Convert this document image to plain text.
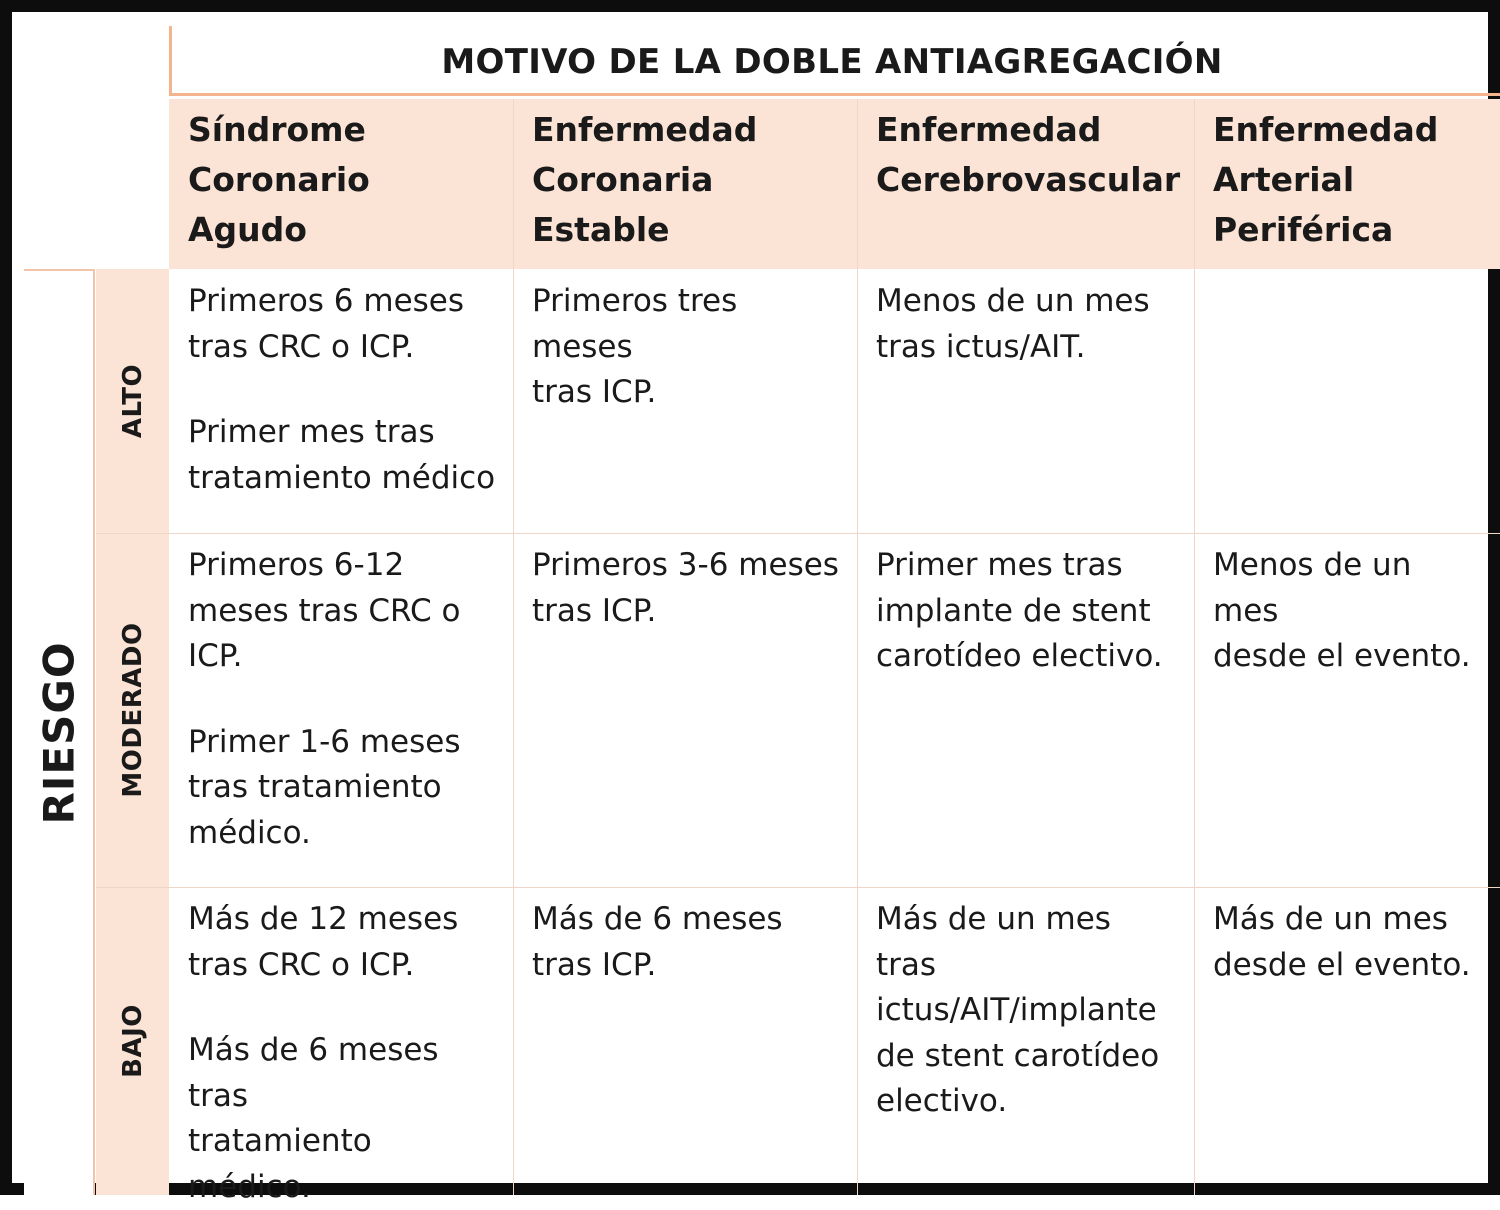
MOTIVO DE LA DOBLE ANTIAGREGACIÓN
Síndrome
Coronario Agudo
Enfermedad
Coronaria Estable
Enfermedad
Cerebrovascular
Enfermedad
Arterial
Periférica
RIESGO
ALTO
MODERADO
BAJO

Primeros 6 meses
tras CRC o ICP.

Primer mes tras
tratamiento médico

Primeros tres meses
tras ICP.

Menos de un mes
tras ictus/AIT.

Primeros 6-12
meses tras CRC o
ICP.

Primer 1-6 meses
tras tratamiento
médico.

Primeros 3-6 meses
tras ICP.

Primer mes tras
implante de stent
carotídeo electivo.

Menos de un mes
desde el evento.

Más de 12 meses
tras CRC o ICP.

Más de 6 meses tras
tratamiento
médico.

Más de 6 meses
tras ICP.

Más de un mes tras
ictus/AIT/implante
de stent carotídeo
electivo.

Más de un mes
desde el evento.
